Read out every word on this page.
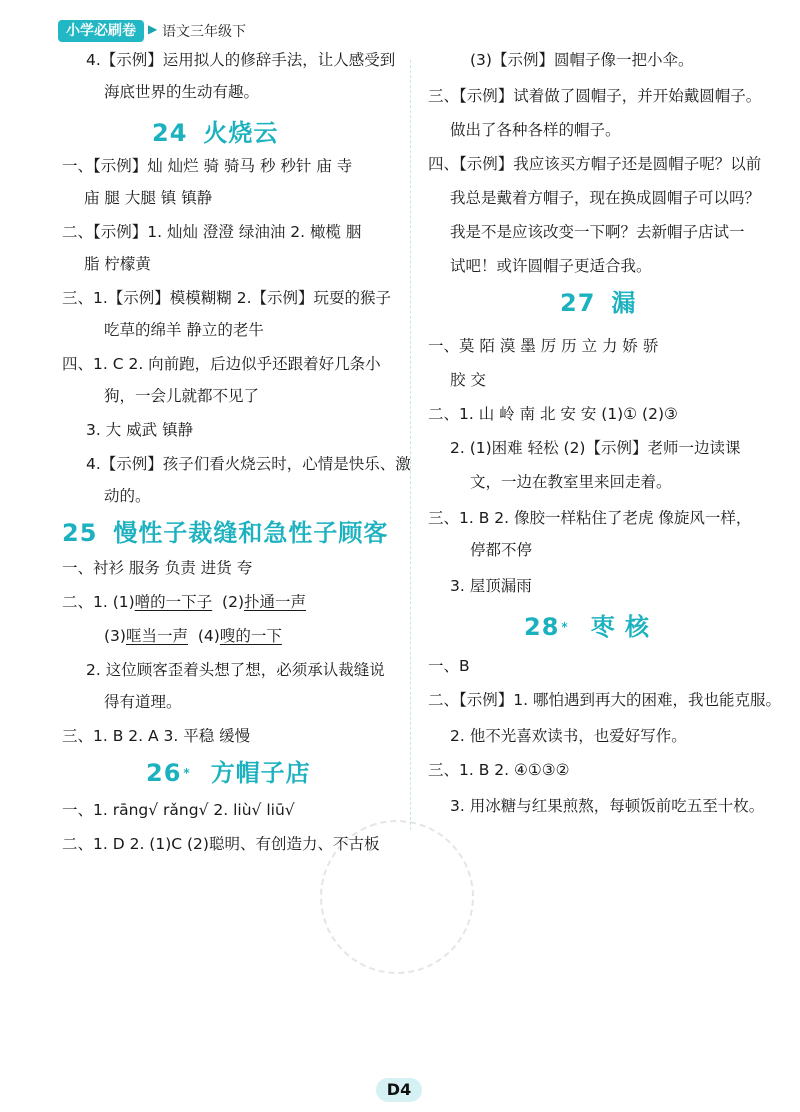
小学必刷卷	▶ 语文三年级下
4.【示例】运用拟人的修辞手法，让人感受到
海底世界的生动有趣。
24 火烧云
一、【示例】灿 灿烂 骑 骑马 秒 秒针 庙 寺
庙 腿 大腿 镇 镇静
二、【示例】1. 灿灿 澄澄 绿油油 2. 橄榄 胭
脂 柠檬黄
三、1.【示例】模模糊糊 2.【示例】玩耍的猴子
吃草的绵羊 静立的老牛
四、1. C 2. 向前跑，后边似乎还跟着好几条小
狗，一会儿就都不见了
3. 大 威武 镇静
4.【示例】孩子们看火烧云时，心情是快乐、激
动的。
25 慢性子裁缝和急性子顾客
一、衬衫 服务 负责 进货 夸
二、1. (1)噌的一下子 (2)扑通一声
(3)哐当一声 (4)嗖的一下
2. 这位顾客歪着头想了想，必须承认裁缝说
得有道理。
三、1. B 2. A 3. 平稳 缓慢
26 * 方帽子店
一、1. rāng√ rǎng√ 2. liù√ liū√
二、1. D 2. (1)C (2)聪明、有创造力、不古板
(3)【示例】圆帽子像一把小伞。
三、【示例】试着做了圆帽子，并开始戴圆帽子。
做出了各种各样的帽子。
四、【示例】我应该买方帽子还是圆帽子呢？以前
我总是戴着方帽子，现在换成圆帽子可以吗？
我是不是应该改变一下啊？去新帽子店试一
试吧！或许圆帽子更适合我。
27 漏
一、莫 陌 漠 墨 厉 历 立 力 娇 骄
胶 交
二、1. 山 岭 南 北 安 安 (1)① (2)③
2. (1)困难 轻松 (2)【示例】老师一边读课
文，一边在教室里来回走着。
三、1. B 2. 像胶一样粘住了老虎 像旋风一样，
停都不停
3. 屋顶漏雨
28 * 枣 核
一、B
二、【示例】1. 哪怕遇到再大的困难，我也能克服。
2. 他不光喜欢读书，也爱好写作。
三、1. B 2. ④①③②
3. 用冰糖与红果煎熬，每顿饭前吃五至十枚。
D4
